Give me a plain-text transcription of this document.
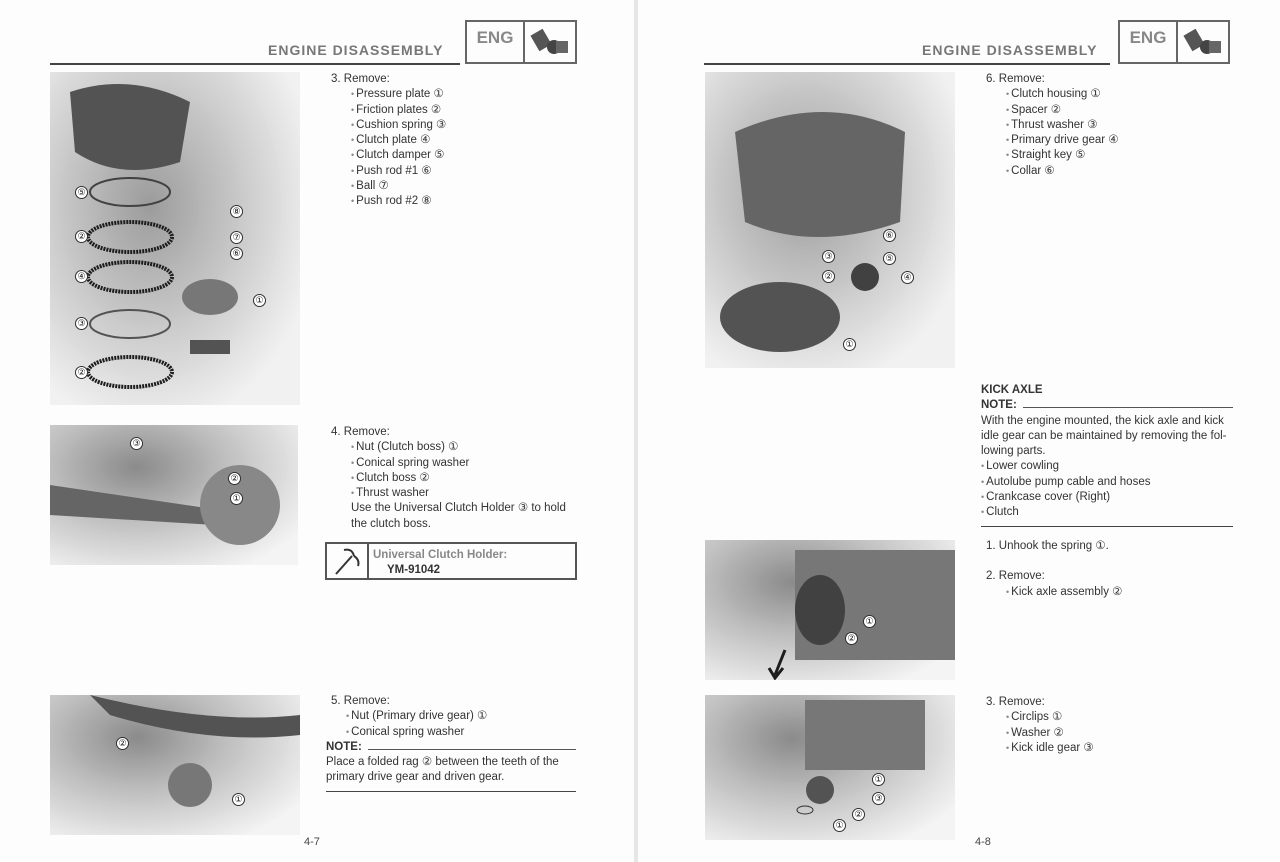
ENGINE DISASSEMBLY
ENG
⑤
②
④
③
②
⑧
⑦
⑥
①
3. Remove:
• Pressure plate ①
• Friction plates ②
• Cushion spring ③
• Clutch plate ④
• Clutch damper ⑤
• Push rod #1 ⑥
• Ball ⑦
• Push rod #2 ⑧
③
②
①
4. Remove:
• Nut (Clutch boss) ①
• Conical spring washer
• Clutch boss ②
• Thrust washer
Use the Universal Clutch Holder ③ to hold
the clutch boss.
Universal Clutch Holder:
YM-91042
②
①
5. Remove:
• Nut (Primary drive gear) ①
• Conical spring washer
NOTE:
Place a folded rag ② between the teeth of the
primary drive gear and driven gear.
4-7
ENGINE DISASSEMBLY
ENG
⑥
③	⑤
②	④
①
6. Remove:
• Clutch housing ①
• Spacer ②
• Thrust washer ③
• Primary drive gear ④
• Straight key ⑤
• Collar ⑥
KICK AXLE
NOTE:
With the engine mounted, the kick axle and kick
idle gear can be maintained by removing the fol-
lowing parts.
• Lower cowling
• Autolube pump cable and hoses
• Crankcase cover (Right)
• Clutch
①
②
1. Unhook the spring ①.
2. Remove:
• Kick axle assembly ②
①
③
②
①
3. Remove:
• Circlips ①
• Washer ②
• Kick idle gear ③
4-8
